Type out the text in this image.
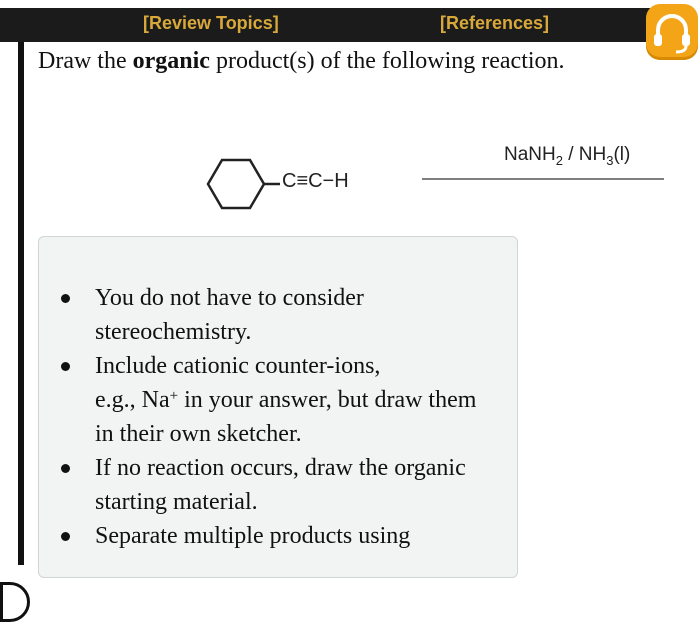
[Review Topics]	[References]

Draw the organic product(s) of the following reaction.

C≡C−H
NaNH$_2$ / $NH_3(l)$
You do not have to consider stereochemistry.
Include cationic counter-ions,
e.g., Na+ in your answer, but draw them in their own sketcher.
If no reaction occurs, draw the organic starting material.
Separate multiple products using
